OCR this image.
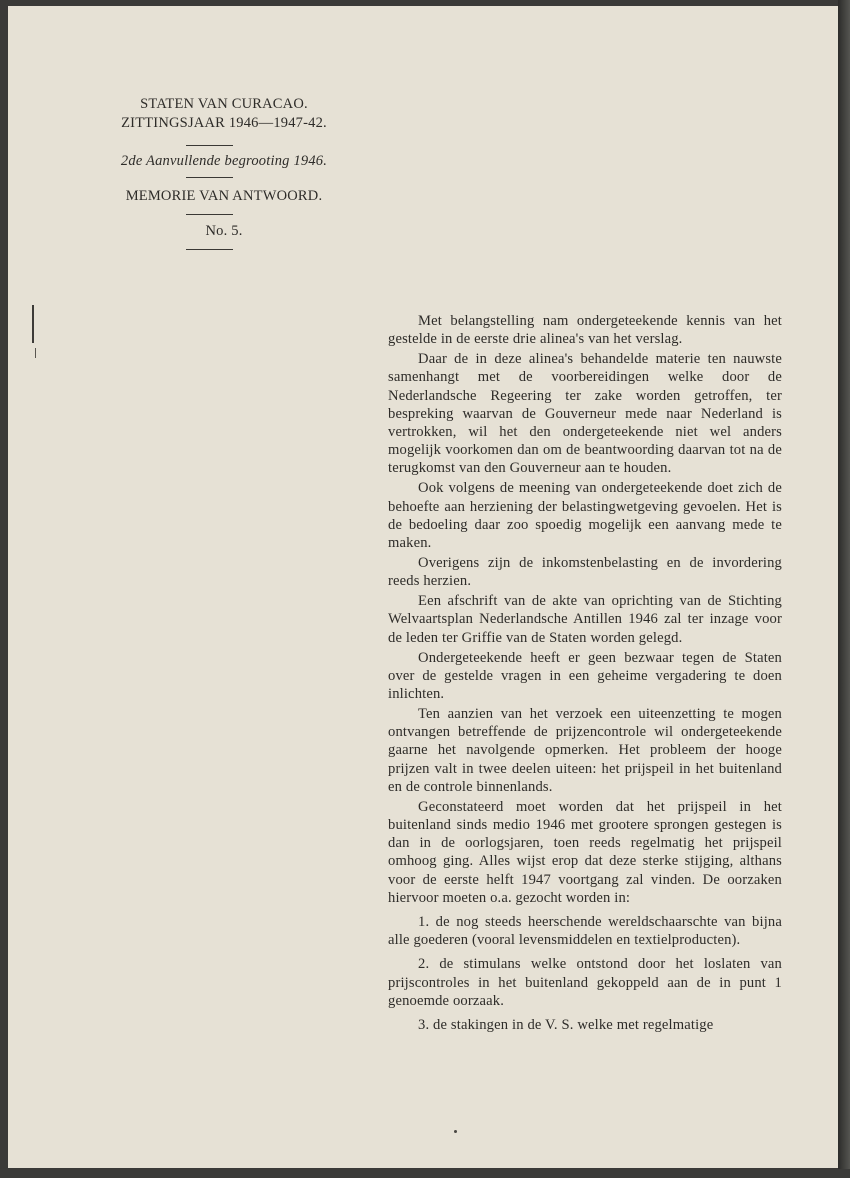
STATEN VAN CURACAO.
ZITTINGSJAAR 1946—1947-42.
2de Aanvullende begrooting 1946.
MEMORIE VAN ANTWOORD.
No. 5.

Met belangstelling nam ondergeteekende kennis van het gestelde in de eerste drie alinea's van het verslag.

Daar de in deze alinea's behandelde materie ten nauwste samenhangt met de voorbereidingen welke door de Nederlandsche Regeering ter zake worden getroffen, ter bespreking waarvan de Gouverneur mede naar Nederland is vertrokken, wil het den ondergeteekende niet wel anders mogelijk voorkomen dan om de beantwoording daarvan tot na de terugkomst van den Gouverneur aan te houden.

Ook volgens de meening van ondergeteekende doet zich de behoefte aan herziening der belastingwetgeving gevoelen. Het is de bedoeling daar zoo spoedig mogelijk een aanvang mede te maken.

Overigens zijn de inkomstenbelasting en de invordering reeds herzien.

Een afschrift van de akte van oprichting van de Stichting Welvaartsplan Nederlandsche Antillen 1946 zal ter inzage voor de leden ter Griffie van de Staten worden gelegd.

Ondergeteekende heeft er geen bezwaar tegen de Staten over de gestelde vragen in een geheime vergadering te doen inlichten.

Ten aanzien van het verzoek een uiteenzetting te mogen ontvangen betreffende de prijzencontrole wil ondergeteekende gaarne het navolgende opmerken. Het probleem der hooge prijzen valt in twee deelen uiteen: het prijspeil in het buitenland en de controle binnenlands.

Geconstateerd moet worden dat het prijspeil in het buitenland sinds medio 1946 met grootere sprongen gestegen is dan in de oorlogsjaren, toen reeds regelmatig het prijspeil omhoog ging. Alles wijst erop dat deze sterke stijging, althans voor de eerste helft 1947 voortgang zal vinden. De oorzaken hiervoor moeten o.a. gezocht worden in:

1. de nog steeds heerschende wereldschaarschte van bijna alle goederen (vooral levensmiddelen en textielproducten).

2. de stimulans welke ontstond door het loslaten van prijscontroles in het buitenland gekoppeld aan de in punt 1 genoemde oorzaak.

3. de stakingen in de V. S. welke met regelmatige
